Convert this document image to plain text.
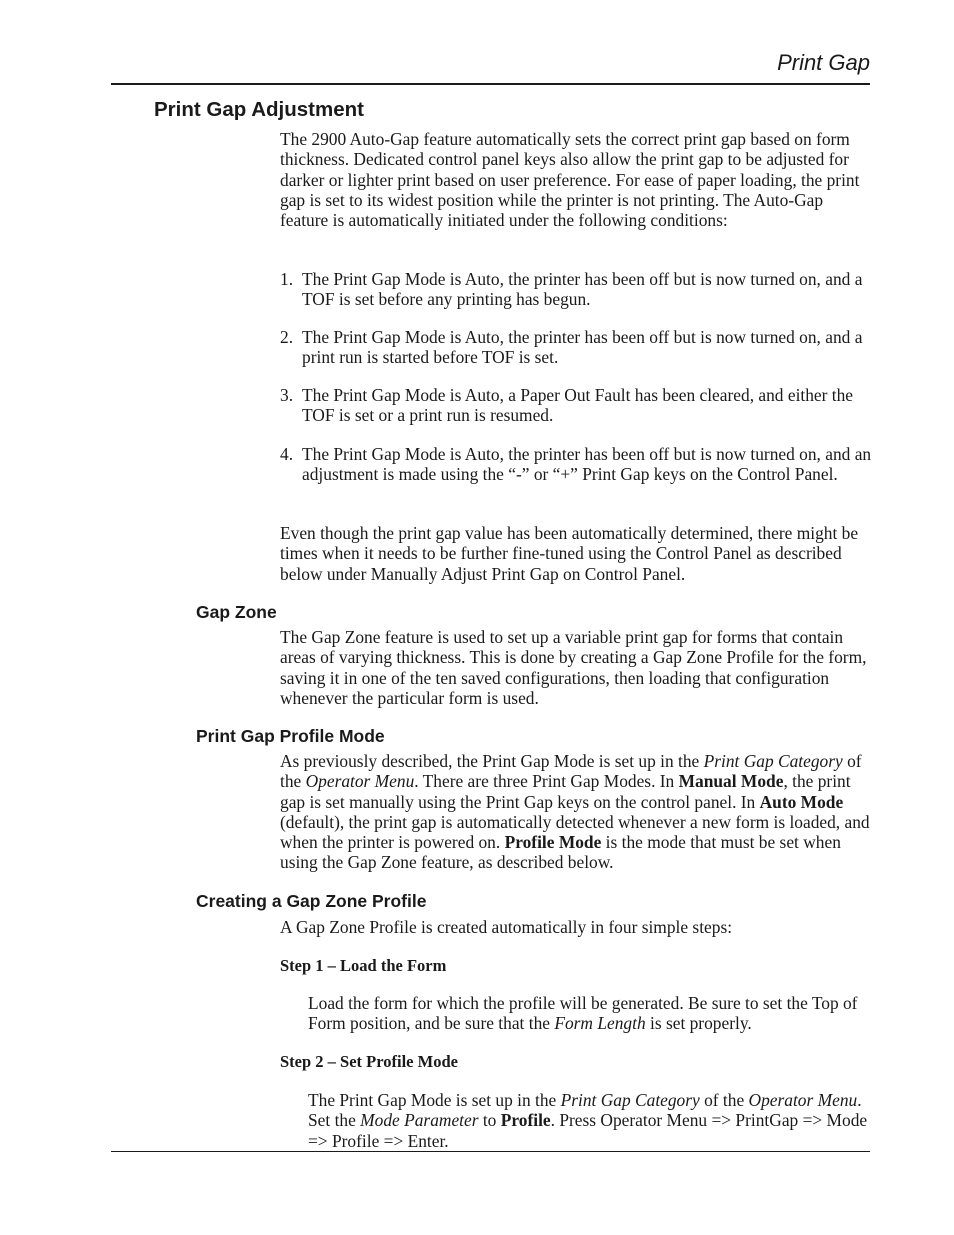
Print Gap
Print Gap Adjustment

The 2900 Auto-Gap feature automatically sets the correct print gap based on form thickness. Dedicated control panel keys also allow the print gap to be adjusted for darker or lighter print based on user preference. For ease of paper loading, the print gap is set to its widest position while the printer is not printing. The Auto-Gap feature is automatically initiated under the following conditions:

1. The Print Gap Mode is Auto, the printer has been off but is now turned on, and a TOF is set before any printing has begun.
2. The Print Gap Mode is Auto, the printer has been off but is now turned on, and a print run is started before TOF is set.
3. The Print Gap Mode is Auto, a Paper Out Fault has been cleared, and either the TOF is set or a print run is resumed.
4. The Print Gap Mode is Auto, the printer has been off but is now turned on, and an adjustment is made using the “-” or “+” Print Gap keys on the Control Panel.

Even though the print gap value has been automatically determined, there might be times when it needs to be further fine-tuned using the Control Panel as described below under Manually Adjust Print Gap on Control Panel.

Gap Zone

The Gap Zone feature is used to set up a variable print gap for forms that contain areas of varying thickness. This is done by creating a Gap Zone Profile for the form, saving it in one of the ten saved configurations, then loading that configuration whenever the particular form is used.

Print Gap Profile Mode

As previously described, the Print Gap Mode is set up in the Print Gap Category of the Operator Menu. There are three Print Gap Modes. In Manual Mode, the print gap is set manually using the Print Gap keys on the control panel. In Auto Mode (default), the print gap is automatically detected whenever a new form is loaded, and when the printer is powered on. Profile Mode is the mode that must be set when using the Gap Zone feature, as described below.

Creating a Gap Zone Profile

A Gap Zone Profile is created automatically in four simple steps:

Step 1 – Load the Form

Load the form for which the profile will be generated. Be sure to set the Top of Form position, and be sure that the Form Length is set properly.

Step 2 – Set Profile Mode

The Print Gap Mode is set up in the Print Gap Category of the Operator Menu. Set the Mode Parameter to Profile. Press Operator Menu => PrintGap => Mode => Profile => Enter.
